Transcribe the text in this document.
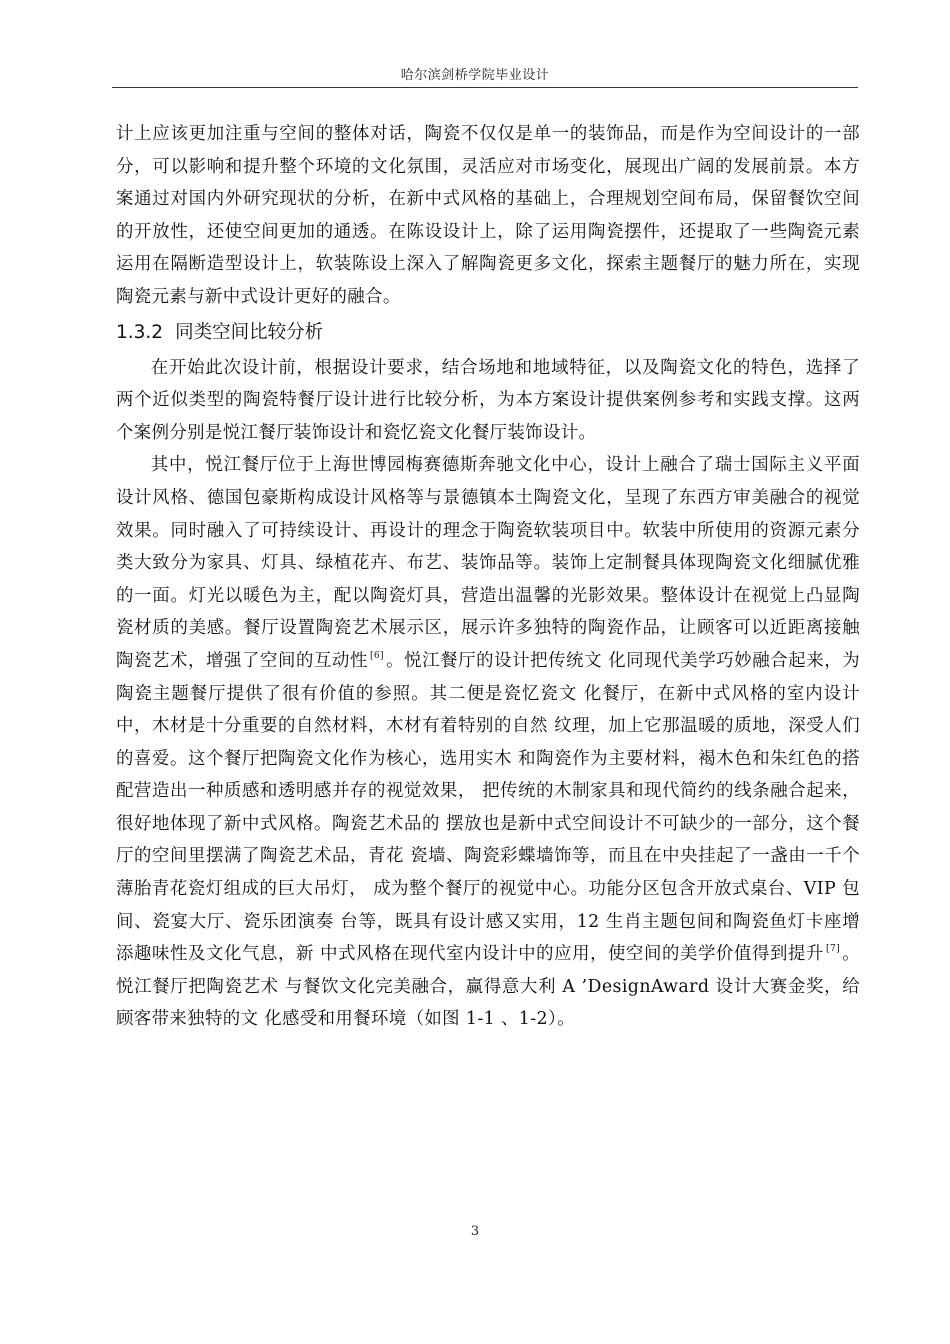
哈尔滨剑桥学院毕业设计

计上应该更加注重与空间的整体对话，陶瓷不仅仅是单一的装饰品，而是作为空间设计的一部分，可以影响和提升整个环境的文化氛围，灵活应对市场变化，展现出广阔的发展前景。本方案通过对国内外研究现状的分析，在新中式风格的基础上，合理规划空间布局，保留餐饮空间的开放性，还使空间更加的通透。在陈设设计上，除了运用陶瓷摆件，还提取了一些陶瓷元素运用在隔断造型设计上，软装陈设上深入了解陶瓷更多文化，探索主题餐厅的魅力所在，实现陶瓷元素与新中式设计更好的融合。

1.3.2 同类空间比较分析

在开始此次设计前，根据设计要求，结合场地和地域特征，以及陶瓷文化的特色，选择了两个近似类型的陶瓷特餐厅设计进行比较分析，为本方案设计提供案例参考和实践支撑。这两个案例分别是悦江餐厅装饰设计和瓷忆瓷文化餐厅装饰设计。

其中，悦江餐厅位于上海世博园梅赛德斯奔驰文化中心，设计上融合了瑞士国际主义平面设计风格、德国包豪斯构成设计风格等与景德镇本土陶瓷文化，呈现了东西方审美融合的视觉效果。同时融入了可持续设计、再设计的理念于陶瓷软装项目中。软装中所使用的资源元素分类大致分为家具、灯具、绿植花卉、布艺、装饰品等。装饰上定制餐具体现陶瓷文化细腻优雅的一面。灯光以暖色为主，配以陶瓷灯具，营造出温馨的光影效果。整体设计在视觉上凸显陶瓷材质的美感。餐厅设置陶瓷艺术展示区，展示许多独特的陶瓷作品，让顾客可以近距离接触陶瓷艺术，增强了空间的互动性 [6] 。悦江餐厅的设计把传统文 化同现代美学巧妙融合起来，为陶瓷主题餐厅提供了很有价值的参照。其二便是瓷忆瓷文 化餐厅，在新中式风格的室内设计中，木材是十分重要的自然材料，木材有着特别的自然 纹理，加上它那温暖的质地，深受人们的喜爱。这个餐厅把陶瓷文化作为核心，选用实木 和陶瓷作为主要材料，褐木色和朱红色的搭配营造出一种质感和透明感并存的视觉效果， 把传统的木制家具和现代简约的线条融合起来，很好地体现了新中式风格。陶瓷艺术品的 摆放也是新中式空间设计不可缺少的一部分，这个餐厅的空间里摆满了陶瓷艺术品，青花 瓷墙、陶瓷彩蝶墙饰等，而且在中央挂起了一盏由一千个薄胎青花瓷灯组成的巨大吊灯， 成为整个餐厅的视觉中心。功能分区包含开放式桌台、VIP 包间、瓷宴大厅、瓷乐团演奏 台等，既具有设计感又实用，12 生肖主题包间和陶瓷鱼灯卡座增添趣味性及文化气息，新 中式风格在现代室内设计中的应用，使空间的美学价值得到提升 [7] 。悦江餐厅把陶瓷艺术 与餐饮文化完美融合，赢得意大利 A ’DesignAward 设计大赛金奖，给顾客带来独特的文 化感受和用餐环境（如图 1-1 、1-2）。

3
